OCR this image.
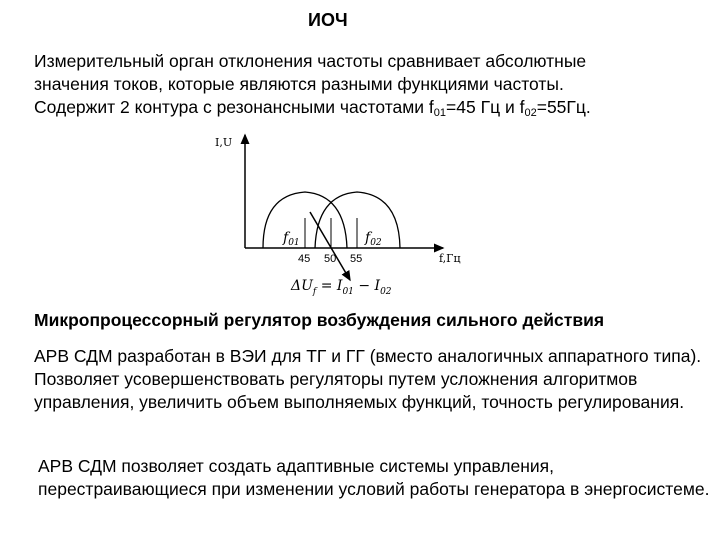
ИОЧ
Измерительный орган отклонения частоты сравнивает абсолютные
значения токов, которые являются разными функциями частоты.
Содержит 2 контура с резонансными частотами $f_{01}=45$ Гц и $f_{02}=55Гц$.
I,U
f,Гц
$f_{01}$	$f_{02}$
45 50 55
$\Delta U_f = I_{01} - I_{02}$
Микропроцессорный регулятор возбуждения сильного действия
АРВ СДМ разработан в ВЭИ для ТГ и ГГ (вместо аналогичных аппаратного типа). Позволяет усовершенствовать регуляторы путем усложнения алгоритмов управления, увеличить объем выполняемых функций, точность регулирования.
АРВ СДМ позволяет создать адаптивные системы управления, перестраивающиеся при изменении условий работы генератора в энергосистеме.
